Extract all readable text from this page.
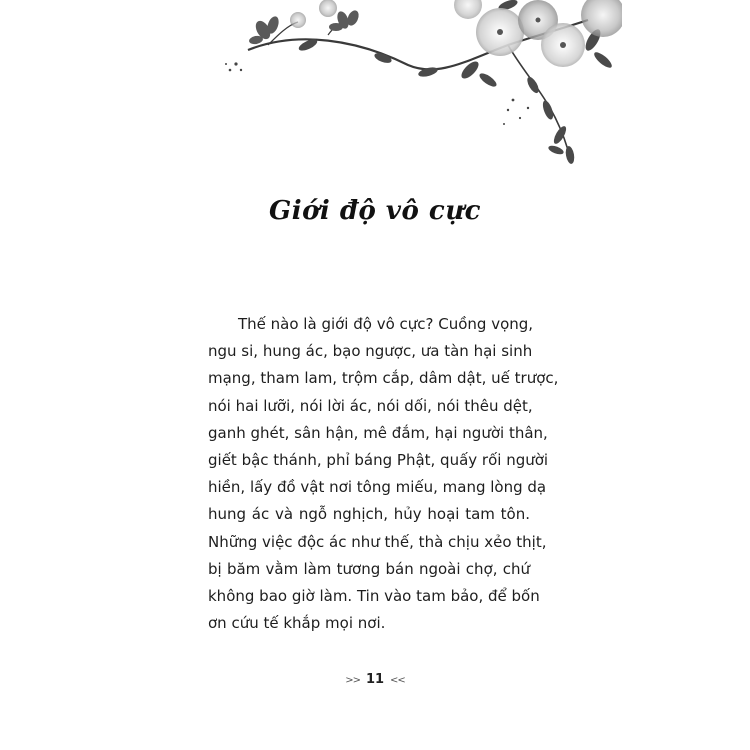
Giới độ vô cực
Thế nào là giới độ vô cực? Cuồng vọng,
ngu si, hung ác, bạo ngược, ưa tàn hại sinh
mạng, tham lam, trộm cắp, dâm dật, uế trược,
nói hai lưỡi, nói lời ác, nói dối, nói thêu dệt,
ganh ghét, sân hận, mê đắm, hại người thân,
giết bậc thánh, phỉ báng Phật, quấy rối người
hiền, lấy đồ vật nơi tông miếu, mang lòng dạ
hung ác và ngỗ nghịch, hủy hoại tam tôn.
Những việc độc ác như thế, thà chịu xẻo thịt,
bị băm vằm làm tương bán ngoài chợ, chứ
không bao giờ làm. Tin vào tam bảo, để bốn
ơn cứu tế khắp mọi nơi.
>> 11 <<
